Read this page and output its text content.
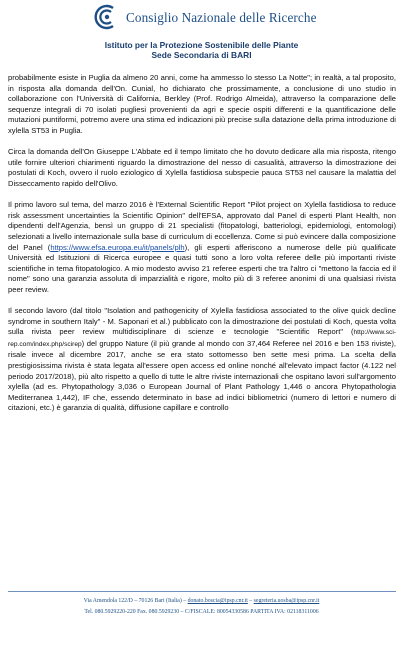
Consiglio Nazionale delle Ricerche
Istituto per la Protezione Sostenibile delle Piante
Sede Secondaria di BARI

probabilmente esiste in Puglia da almeno 20 anni, come ha ammesso lo stesso La Notte"; in realtà, a tal proposito, in risposta alla domanda dell'On. Cunial, ho dichiarato che prossimamente, a conclusione di uno studio in collaborazione con l'Università di California, Berkley (Prof. Rodrigo Almeida), attraverso la comparazione delle sequenze integrali di 70 isolati pugliesi provenienti da agri e specie ospiti differenti e la quantificazione delle mutazioni puntiformi, potremo avere una stima ed indicazioni più precise sulla datazione della prima introduzione di xylella ST53 in Puglia.

Circa la domanda dell'On Giuseppe L'Abbate ed il tempo limitato che ho dovuto dedicare alla mia risposta, ritengo utile fornire ulteriori chiarimenti riguardo la dimostrazione del nesso di casualità, attraverso la dimostrazione dei postulati di Koch, ovvero il ruolo eziologico di Xylella fastidiosa subspecie pauca ST53 nel causare la malattia del Disseccamento rapido dell'Olivo.

Il primo lavoro sul tema, del marzo 2016 è l'External Scientific Report "Pilot project on Xylella fastidiosa to reduce risk assessment uncertainties la Scientific Opinion" dell'EFSA, approvato dal Panel di esperti Plant Health, non dipendenti dell'Agenzia, bensì un gruppo di 21 specialisti (fitopatologi, batteriologi, epidemiologi, entomologi) selezionati a livello internazionale sulla base di curriculum di eccellenza. Come si può evincere dalla composizione del Panel (https://www.efsa.europa.eu/it/panels/plh), gli esperti afferiscono a numerose delle più qualificate Università ed Istituzioni di Ricerca europee e quasi tutti sono a loro volta referee delle più importanti riviste scientifiche in tema fitopatologico. A mio modesto avviso 21 referee esperti che tra l'altro ci "mettono la faccia ed il nome" sono una garanzia assoluta di imparzialità e rigore, molto più di 3 referee anonimi di una qualsiasi rivista peer review.

Il secondo lavoro (dal titolo "Isolation and pathogenicity of Xylella fastidiosa associated to the olive quick decline syndrome in southern Italy" - M. Saponari et al.) pubblicato con la dimostrazione dei postulati di Koch, questa volta sulla rivista peer review multidisciplinare di scienze e tecnologie "Scientific Report" (http://www.sci-rep.com/index.php/scirep) del gruppo Nature (il più grande al mondo con 37,464 Referee nel 2016 e ben 153 riviste), risale invece al dicembre 2017, anche se era stato sottomesso ben sette mesi prima. La scelta della prestigiosissima rivista è stata legata all'essere open access ed online nonché all'elevato impact factor (4.122 nel periodo 2017/2018), più alto rispetto a quello di tutte le altre riviste internazionali che ospitano lavori sull'argomento xylella (ad es. Phytopathology 3,036 o European Journal of Plant Pathology 1,446 o ancora Phytopathologia Mediterranea 1,442), IF che, essendo determinato in base ad indici bibliometrici (numero di lettori e numero di citazioni, etc.) è garanzia di qualità, diffusione capillare e controllo

Via Amendola 122/D – 70126 Bari (Italia) – donato.boscia@ipsp.cnr.it – segreteria.uosba@ipsp.cnr.it
Tel. 080.5929220-220 Fax. 080.5929230 – C/FISCALE: 80054330586 PARTITA IVA: 02118311006
